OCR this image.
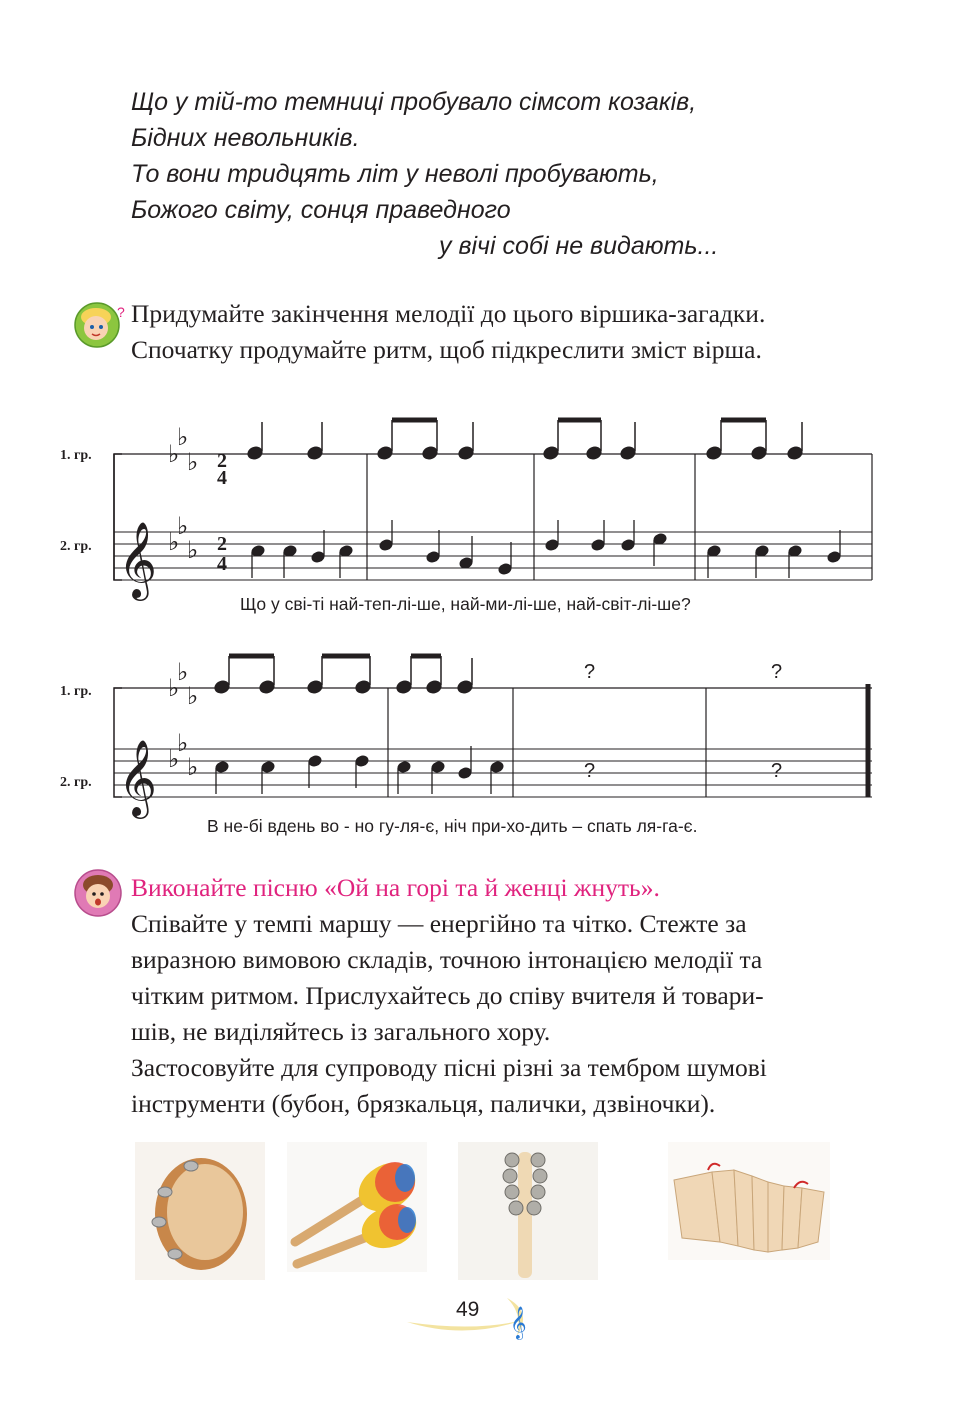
Що у тій-то темниці пробувало сімсот козаків,
Бідних невольників.
То вони тридцять літ у неволі пробувають,
Божого світу, сонця праведного
у вічі собі не видають...
? Придумайте закінчення мелодії до цього віршика-загадки.
Спочатку продумайте ритм, щоб підкреслити зміст вірша.
1. гр.
2. гр. 𝄞
♭
♭ ♭
♭
♭ ♭
2
4
2
4
Що у сві-ті най-теп-лі-ше, най-ми-лі-ше, най-світ-лі-ше?
1. гр.
2. гр. 𝄞
♭
♭ ♭
♭
♭ ♭
?	?
?	?
В не-бі вдень во - но гу-ля-є, ніч при-хо-дить – спать ля-га-є.
Виконайте пісню «Ой на горі та й женці жнуть».
Співайте у темпі маршу — енергійно та чітко. Стежте за
виразною вимовою складів, точною інтонацією мелодії та
чітким ритмом. Прислухайтесь до співу вчителя й товари-
шів, не виділяйтесь із загального хору.
Застосовуйте для супроводу пісні різні за тембром шумові
інструменти (бубон, брязкальця, палички, дзвіночки).
49 𝄞
